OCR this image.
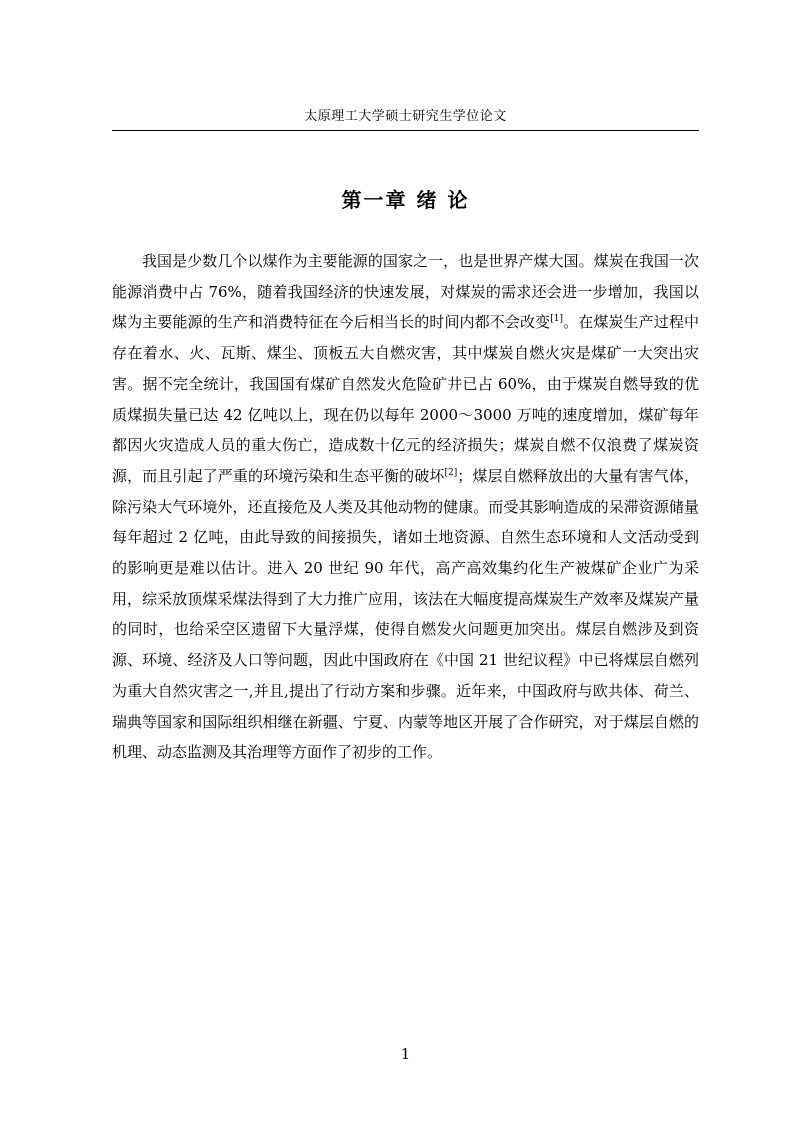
太原理工大学硕士研究生学位论文
第一章 绪 论

我国是少数几个以煤作为主要能源的国家之一，也是世界产煤大国。煤炭在我国一次能源消费中占 76%，随着我国经济的快速发展，对煤炭的需求还会进一步增加，我国以煤为主要能源的生产和消费特征在今后相当长的时间内都不会改变[1]。在煤炭生产过程中存在着水、火、瓦斯、煤尘、顶板五大自燃灾害，其中煤炭自燃火灾是煤矿一大突出灾害。据不完全统计，我国国有煤矿自然发火危险矿井已占 60%，由于煤炭自燃导致的优质煤损失量已达 42 亿吨以上，现在仍以每年 2000～3000 万吨的速度增加，煤矿每年都因火灾造成人员的重大伤亡，造成数十亿元的经济损失；煤炭自燃不仅浪费了煤炭资源，而且引起了严重的环境污染和生态平衡的破坏[2]；煤层自燃释放出的大量有害气体，除污染大气环境外，还直接危及人类及其他动物的健康。而受其影响造成的呆滞资源储量每年超过 2 亿吨，由此导致的间接损失，诸如土地资源、自然生态环境和人文活动受到的影响更是难以估计。进入 20 世纪 90 年代，高产高效集约化生产被煤矿企业广为采用，综采放顶煤采煤法得到了大力推广应用，该法在大幅度提高煤炭生产效率及煤炭产量的同时，也给采空区遗留下大量浮煤，使得自燃发火问题更加突出。煤层自燃涉及到资源、环境、经济及人口等问题，因此中国政府在《中国 21 世纪议程》中已将煤层自燃列为重大自然灾害之一,并且,提出了行动方案和步骤。近年来，中国政府与欧共体、荷兰、瑞典等国家和国际组织相继在新疆、宁夏、内蒙等地区开展了合作研究，对于煤层自燃的机理、动态监测及其治理等方面作了初步的工作。

1
